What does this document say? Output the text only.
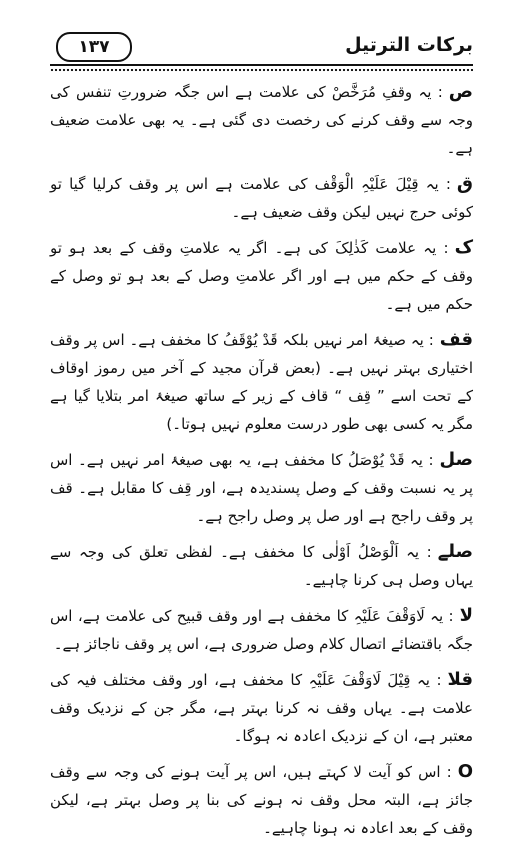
برکات الترتیل
۱۳۷
ص: یہ وقفِ مُرَخَّصْ کی علامت ہے اس جگہ ضرورتِ تنفس کی وجہ سے وقف کرنے کی رخصت دی گئی ہے۔ یہ بھی علامت ضعیف ہے۔
ق: یہ قِیْلَ عَلَیْہِ الْوَقْف کی علامت ہے اس پر وقف کرلیا گیا تو کوئی حرج نہیں لیکن وقف ضعیف ہے۔
ک: یہ علامت کَذٰلِکَ کی ہے۔ اگر یہ علامتِ وقف کے بعد ہو تو وقف کے حکم میں ہے اور اگر علامتِ وصل کے بعد ہو تو وصل کے حکم میں ہے۔
قف: یہ صیغۂ امر نہیں بلکہ قَدْ یُوْقَفُ کا مخفف ہے۔ اس پر وقف اختیاری بہتر نہیں ہے۔ (بعض قرآن مجید کے آخر میں رموز اوقاف کے تحت اسے ” قِف “ قاف کے زیر کے ساتھ صیغۂ امر بتلایا گیا ہے مگر یہ کسی بھی طور درست معلوم نہیں ہوتا۔)
صل: یہ قَدْ یُوْصَلُ کا مخفف ہے، یہ بھی صیغۂ امر نہیں ہے۔ اس پر یہ نسبت وقف کے وصل پسندیدہ ہے، اور قِف کا مقابل ہے۔ قف پر وقف راجح ہے اور صل پر وصل راجح ہے۔
صلے: یہ اَلْوَصْلُ اَوْلٰی کا مخفف ہے۔ لفظی تعلق کی وجہ سے یہاں وصل ہی کرنا چاہیے۔
لا: یہ لَاوَقْفَ عَلَیْہِ کا مخفف ہے اور وقف قبیح کی علامت ہے، اس جگہ باقتضائے اتصال کلام وصل ضروری ہے، اس پر وقف ناجائز ہے۔
قلا: یہ قِیْلَ لَاوَقْفَ عَلَیْہِ کا مخفف ہے، اور وقف مختلف فیہ کی علامت ہے۔ یہاں وقف نہ کرنا بہتر ہے، مگر جن کے نزدیک وقف معتبر ہے، ان کے نزدیک اعادہ نہ ہوگا۔
O: اس کو آیت لا کہتے ہیں، اس پر آیت ہونے کی وجہ سے وقف جائز ہے، البتہ محل وقف نہ ہونے کی بنا پر وصل بہتر ہے، لیکن وقف کے بعد اعادہ نہ ہونا چاہیے۔
